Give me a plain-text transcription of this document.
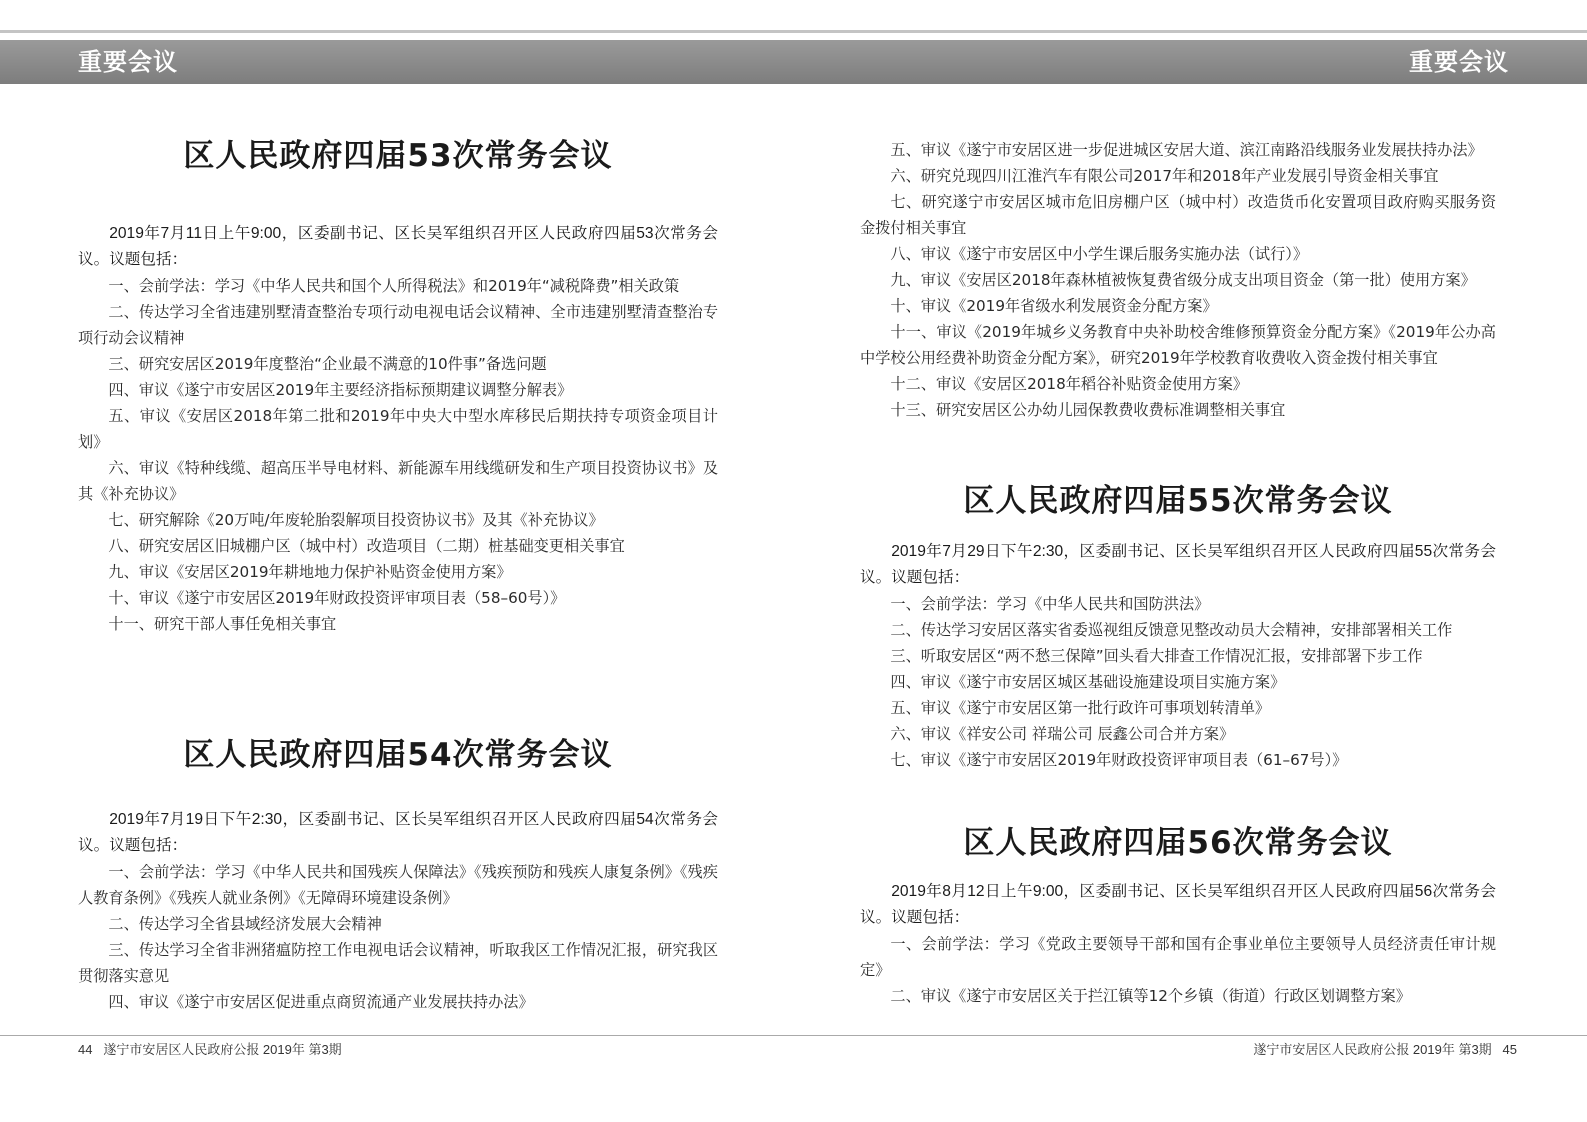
重要会议	重要会议
区人民政府四届53次常务会议

2019年7月11日上午9:00，区委副书记、区长吴军组织召开区人民政府四届53次常务会议。议题包括：

一、会前学法：学习《中华人民共和国个人所得税法》和2019年“减税降费”相关政策

二、传达学习全省违建别墅清查整治专项行动电视电话会议精神、全市违建别墅清查整治专项行动会议精神

三、研究安居区2019年度整治“企业最不满意的10件事”备选问题

四、审议《遂宁市安居区2019年主要经济指标预期建议调整分解表》

五、审议《安居区2018年第二批和2019年中央大中型水库移民后期扶持专项资金项目计划》

六、审议《特种线缆、超高压半导电材料、新能源车用线缆研发和生产项目投资协议书》及其《补充协议》

七、研究解除《20万吨/年废轮胎裂解项目投资协议书》及其《补充协议》

八、研究安居区旧城棚户区（城中村）改造项目（二期）桩基础变更相关事宜

九、审议《安居区2019年耕地地力保护补贴资金使用方案》

十、审议《遂宁市安居区2019年财政投资评审项目表（58–60号）》

十一、研究干部人事任免相关事宜

区人民政府四届54次常务会议

2019年7月19日下午2:30，区委副书记、区长吴军组织召开区人民政府四届54次常务会议。议题包括：

一、会前学法：学习《中华人民共和国残疾人保障法》《残疾预防和残疾人康复条例》《残疾人教育条例》《残疾人就业条例》《无障碍环境建设条例》

二、传达学习全省县域经济发展大会精神

三、传达学习全省非洲猪瘟防控工作电视电话会议精神，听取我区工作情况汇报，研究我区贯彻落实意见

四、审议《遂宁市安居区促进重点商贸流通产业发展扶持办法》

五、审议《遂宁市安居区进一步促进城区安居大道、滨江南路沿线服务业发展扶持办法》

六、研究兑现四川江淮汽车有限公司2017年和2018年产业发展引导资金相关事宜

七、研究遂宁市安居区城市危旧房棚户区（城中村）改造货币化安置项目政府购买服务资金拨付相关事宜

八、审议《遂宁市安居区中小学生课后服务实施办法（试行）》

九、审议《安居区2018年森林植被恢复费省级分成支出项目资金（第一批）使用方案》

十、审议《2019年省级水利发展资金分配方案》

十一、审议《2019年城乡义务教育中央补助校舍维修预算资金分配方案》《2019年公办高中学校公用经费补助资金分配方案》，研究2019年学校教育收费收入资金拨付相关事宜

十二、审议《安居区2018年稻谷补贴资金使用方案》

十三、研究安居区公办幼儿园保教费收费标准调整相关事宜

区人民政府四届55次常务会议

2019年7月29日下午2:30，区委副书记、区长吴军组织召开区人民政府四届55次常务会议。议题包括：

一、会前学法：学习《中华人民共和国防洪法》

二、传达学习安居区落实省委巡视组反馈意见整改动员大会精神，安排部署相关工作

三、听取安居区“两不愁三保障”回头看大排查工作情况汇报，安排部署下步工作

四、审议《遂宁市安居区城区基础设施建设项目实施方案》

五、审议《遂宁市安居区第一批行政许可事项划转清单》

六、审议《祥安公司 祥瑞公司 辰鑫公司合并方案》

七、审议《遂宁市安居区2019年财政投资评审项目表（61–67号）》

区人民政府四届56次常务会议

2019年8月12日上午9:00，区委副书记、区长吴军组织召开区人民政府四届56次常务会议。议题包括：

一、会前学法：学习《党政主要领导干部和国有企事业单位主要领导人员经济责任审计规定》

二、审议《遂宁市安居区关于拦江镇等12个乡镇（街道）行政区划调整方案》

44 遂宁市安居区人民政府公报 2019年 第3期	遂宁市安居区人民政府公报 2019年 第3期 45
